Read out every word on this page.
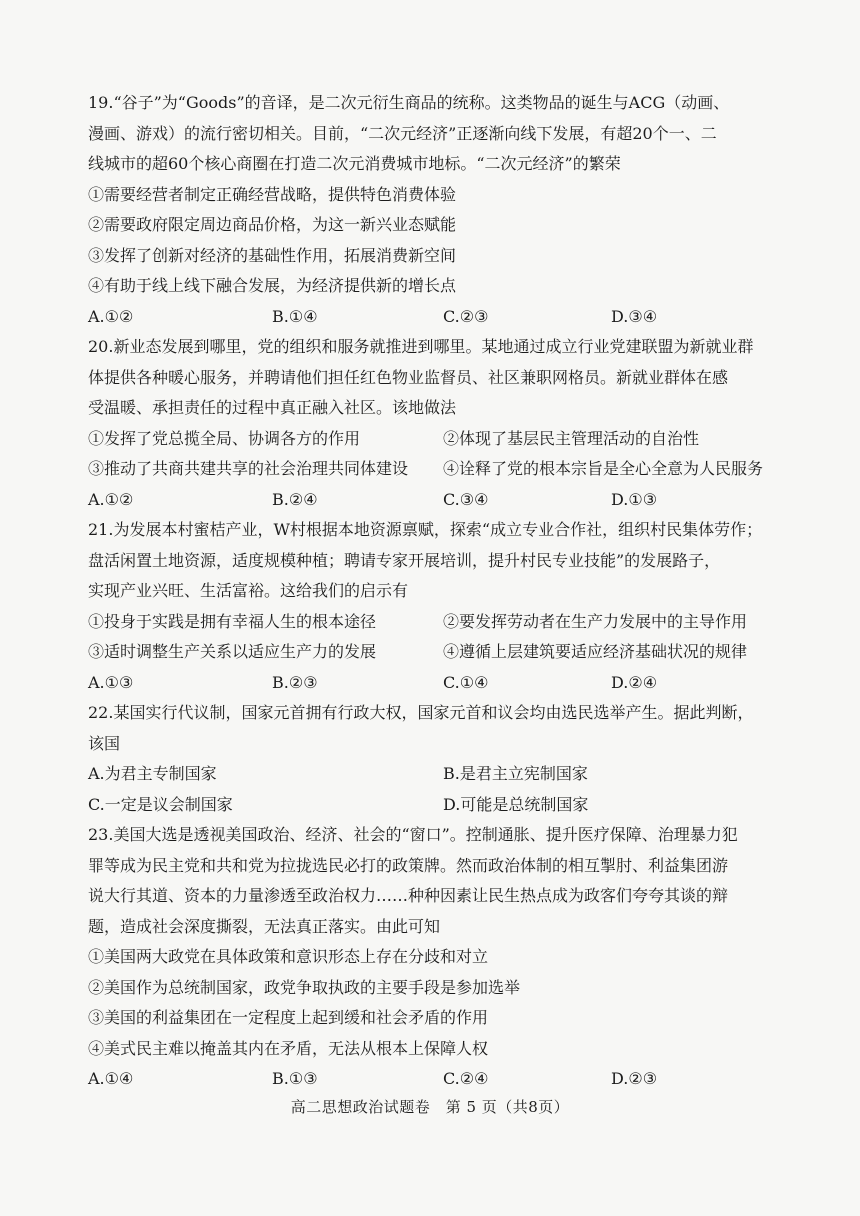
19.“谷子”为“Goods”的音译，是二次元衍生商品的统称。这类物品的诞生与ACG（动画、
漫画、游戏）的流行密切相关。目前，“二次元经济”正逐渐向线下发展，有超20个一、二
线城市的超60个核心商圈在打造二次元消费城市地标。“二次元经济”的繁荣
①需要经营者制定正确经营战略，提供特色消费体验
②需要政府限定周边商品价格，为这一新兴业态赋能
③发挥了创新对经济的基础性作用，拓展消费新空间
④有助于线上线下融合发展，为经济提供新的增长点
A.①②	B.①④	C.②③	D.③④
20.新业态发展到哪里，党的组织和服务就推进到哪里。某地通过成立行业党建联盟为新就业群
体提供各种暖心服务，并聘请他们担任红色物业监督员、社区兼职网格员。新就业群体在感
受温暖、承担责任的过程中真正融入社区。该地做法
①发挥了党总揽全局、协调各方的作用	②体现了基层民主管理活动的自治性
③推动了共商共建共享的社会治理共同体建设 ④诠释了党的根本宗旨是全心全意为人民服务
A.①②	B.②④	C.③④	D.①③
21.为发展本村蜜桔产业，W村根据本地资源禀赋，探索“成立专业合作社，组织村民集体劳作；
盘活闲置土地资源，适度规模种植；聘请专家开展培训，提升村民专业技能”的发展路子，
实现产业兴旺、生活富裕。这给我们的启示有
①投身于实践是拥有幸福人生的根本途径	②要发挥劳动者在生产力发展中的主导作用
③适时调整生产关系以适应生产力的发展	④遵循上层建筑要适应经济基础状况的规律
A.①③	B.②③	C.①④	D.②④
22.某国实行代议制，国家元首拥有行政大权，国家元首和议会均由选民选举产生。据此判断，
该国
A.为君主专制国家	B.是君主立宪制国家
C.一定是议会制国家	D.可能是总统制国家
23.美国大选是透视美国政治、经济、社会的“窗口”。控制通胀、提升医疗保障、治理暴力犯
罪等成为民主党和共和党为拉拢选民必打的政策牌。然而政治体制的相互掣肘、利益集团游
说大行其道、资本的力量渗透至政治权力……种种因素让民生热点成为政客们夸夸其谈的辩
题，造成社会深度撕裂，无法真正落实。由此可知
①美国两大政党在具体政策和意识形态上存在分歧和对立
②美国作为总统制国家，政党争取执政的主要手段是参加选举
③美国的利益集团在一定程度上起到缓和社会矛盾的作用
④美式民主难以掩盖其内在矛盾，无法从根本上保障人权
A.①④	B.①③	C.②④	D.②③
高二思想政治试题卷　第 5 页（共8页）
